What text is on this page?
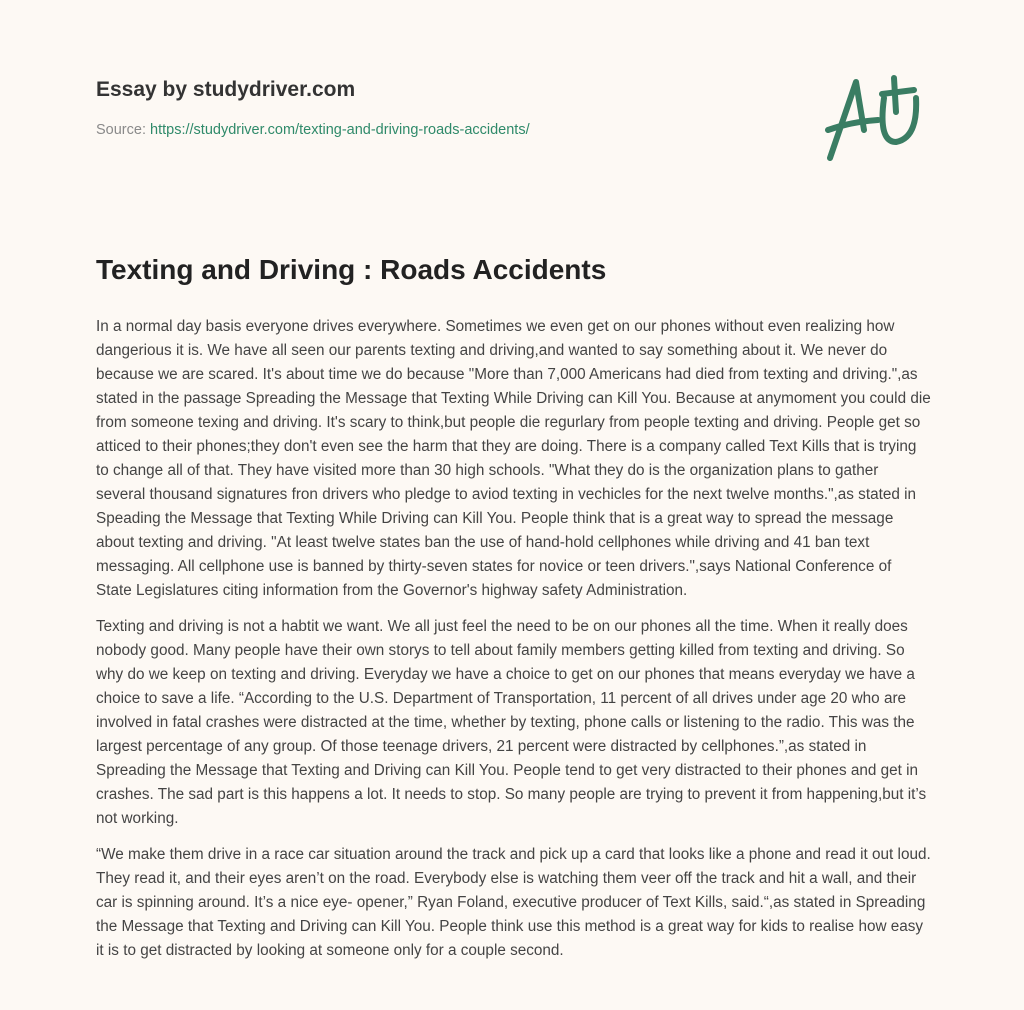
Essay by studydriver.com
Source: https://studydriver.com/texting-and-driving-roads-accidents/
Texting and Driving : Roads Accidents

In a normal day basis everyone drives everywhere. Sometimes we even get on our phones without even realizing how dangerious it is. We have all seen our parents texting and driving,and wanted to say something about it. We never do because we are scared. It's about time we do because "More than 7,000 Americans had died from texting and driving.",as stated in the passage Spreading the Message that Texting While Driving can Kill You. Because at anymoment you could die from someone texing and driving. It's scary to think,but people die regurlary from people texting and driving. People get so atticed to their phones;they don't even see the harm that they are doing. There is a company called Text Kills that is trying to change all of that. They have visited more than 30 high schools. "What they do is the organization plans to gather several thousand signatures fron drivers who pledge to aviod texting in vechicles for the next twelve months.",as stated in Speading the Message that Texting While Driving can Kill You. People think that is a great way to spread the message about texting and driving. "At least twelve states ban the use of hand-hold cellphones while driving and 41 ban text messaging. All cellphone use is banned by thirty-seven states for novice or teen drivers.",says National Conference of State Legislatures citing information from the Governor's highway safety Administration.

Texting and driving is not a habtit we want. We all just feel the need to be on our phones all the time. When it really does nobody good. Many people have their own storys to tell about family members getting killed from texting and driving. So why do we keep on texting and driving. Everyday we have a choice to get on our phones that means everyday we have a choice to save a life. “According to the U.S. Department of Transportation, 11 percent of all drives under age 20 who are involved in fatal crashes were distracted at the time, whether by texting, phone calls or listening to the radio. This was the largest percentage of any group. Of those teenage drivers, 21 percent were distracted by cellphones.”,as stated in Spreading the Message that Texting and Driving can Kill You. People tend to get very distracted to their phones and get in crashes. The sad part is this happens a lot. It needs to stop. So many people are trying to prevent it from happening,but it’s not working.

“We make them drive in a race car situation around the track and pick up a card that looks like a phone and read it out loud. They read it, and their eyes aren’t on the road. Everybody else is watching them veer off the track and hit a wall, and their car is spinning around. It’s a nice eye- opener,” Ryan Foland, executive producer of Text Kills, said.“,as stated in Spreading the Message that Texting and Driving can Kill You. People think use this method is a great way for kids to realise how easy it is to get distracted by looking at someone only for a couple second.
